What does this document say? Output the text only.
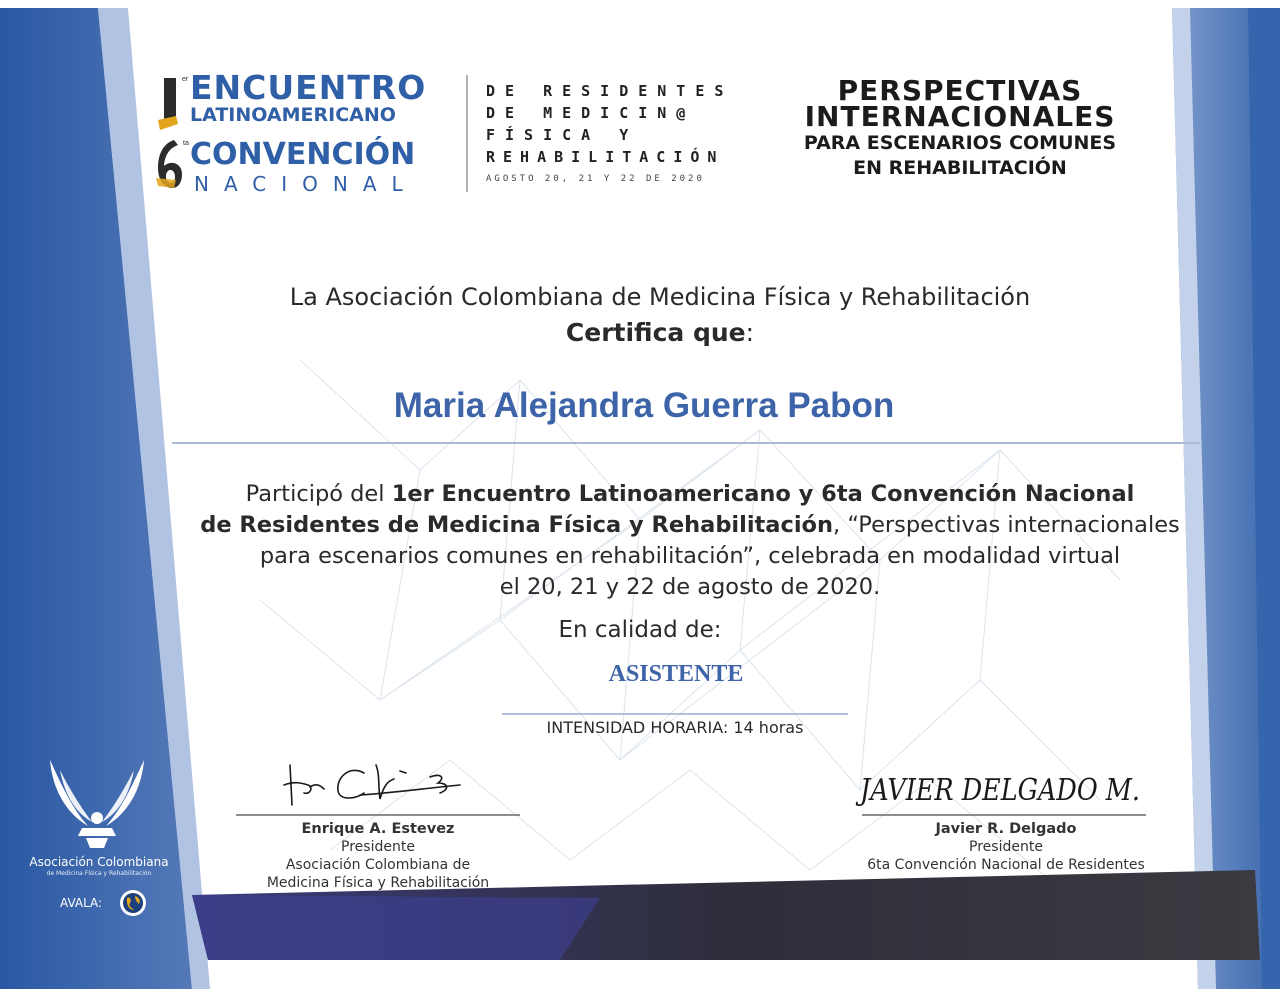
er ENCUENTRO
LATINOAMERICANO
ta CONVENCIÓN
NACIONAL
DE RESIDENTES
DE MEDICIN@
FÍSICA Y
REHABILITACIÓN
AGOSTO 20, 21 Y 22 DE 2020
PERSPECTIVAS
INTERNACIONALES
PARA ESCENARIOS COMUNES
EN REHABILITACIÓN
La Asociación Colombiana de Medicina Física y Rehabilitación
Certifica que:
Maria Alejandra Guerra Pabon
Participó del 1er Encuentro Latinoamericano y 6ta Convención Nacional
de Residentes de Medicina Física y Rehabilitación, “Perspectivas internacionales
para escenarios comunes en rehabilitación”, celebrada en modalidad virtual
el 20, 21 y 22 de agosto de 2020.
En calidad de:
ASISTENTE
INTENSIDAD HORARIA: 14 horas
JAVIER DELGADO M.
Enrique A. Estevez
Presidente
Asociación Colombiana de
Medicina Física y Rehabilitación
Javier R. Delgado
Presidente
6ta Convención Nacional de Residentes
Asociación Colombiana
de Medicina Física y Rehabilitación
AVALA:
